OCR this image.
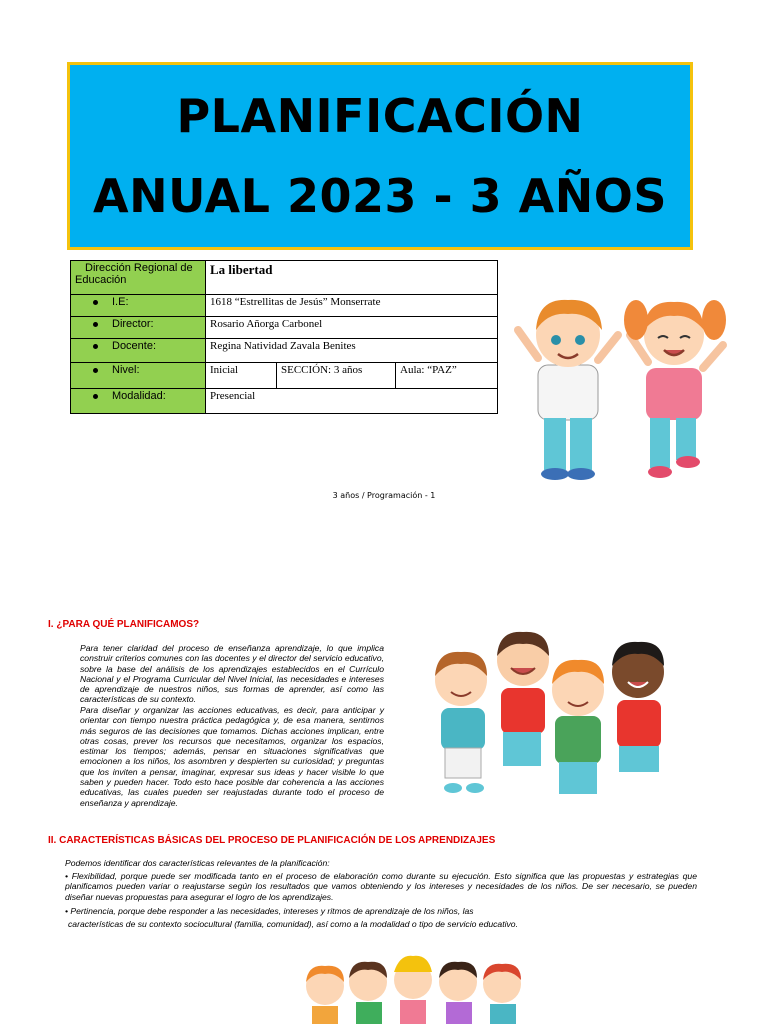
PLANIFICACIÓN
ANUAL 2023 - 3 AÑOS
Dirección Regional de Educación	La libertad		

I.E:	1618 “Estrellitas de Jesús” Monserrate		

Director:	Rosario Añorga Carbonel		

Docente:	Regina Natividad Zavala Benites		

Nivel:	Inicial	SECCIÓN: 3 años	Aula: “PAZ”

Modalidad:	Presencial		
3 años / Programación - 1
I. ¿PARA QUÉ PLANIFICAMOS?
Para tener claridad del proceso de enseñanza aprendizaje, lo que implica construir criterios comunes con las docentes y el director del servicio educativo, sobre la base del análisis de los aprendizajes establecidos en el Currículo Nacional y el Programa Curricular del Nivel Inicial, las necesidades e intereses de aprendizaje de nuestros niños, sus formas de aprender, así como las características de su contexto.
Para diseñar y organizar las acciones educativas, es decir, para anticipar y orientar con tiempo nuestra práctica pedagógica y, de esa manera, sentirnos más seguros de las decisiones que tomamos. Dichas acciones implican, entre otras cosas, prever los recursos que necesitamos, organizar los espacios, estimar los tiempos; además, pensar en situaciones significativas que emocionen a los niños, los asombren y despierten su curiosidad; y preguntas que los inviten a pensar, imaginar, expresar sus ideas y hacer visible lo que saben y pueden hacer. Todo esto hace posible dar coherencia a las acciones educativas, las cuales pueden ser reajustadas durante todo el proceso de enseñanza y aprendizaje.
II. CARACTERÍSTICAS BÁSICAS DEL PROCESO DE PLANIFICACIÓN DE LOS APRENDIZAJES
Podemos identificar dos características relevantes de la planificación:
• Flexibilidad, porque puede ser modificada tanto en el proceso de elaboración como durante su ejecución. Esto significa que las propuestas y estrategias que planificamos pueden variar o reajustarse según los resultados que vamos obteniendo y los intereses y necesidades de los niños. De ser necesario, se pueden diseñar nuevas propuestas para asegurar el logro de los aprendizajes.
• Pertinencia, porque debe responder a las necesidades, intereses y ritmos de aprendizaje de los niños, las
características de su contexto sociocultural (familia, comunidad), así como a la modalidad o tipo de servicio educativo.
